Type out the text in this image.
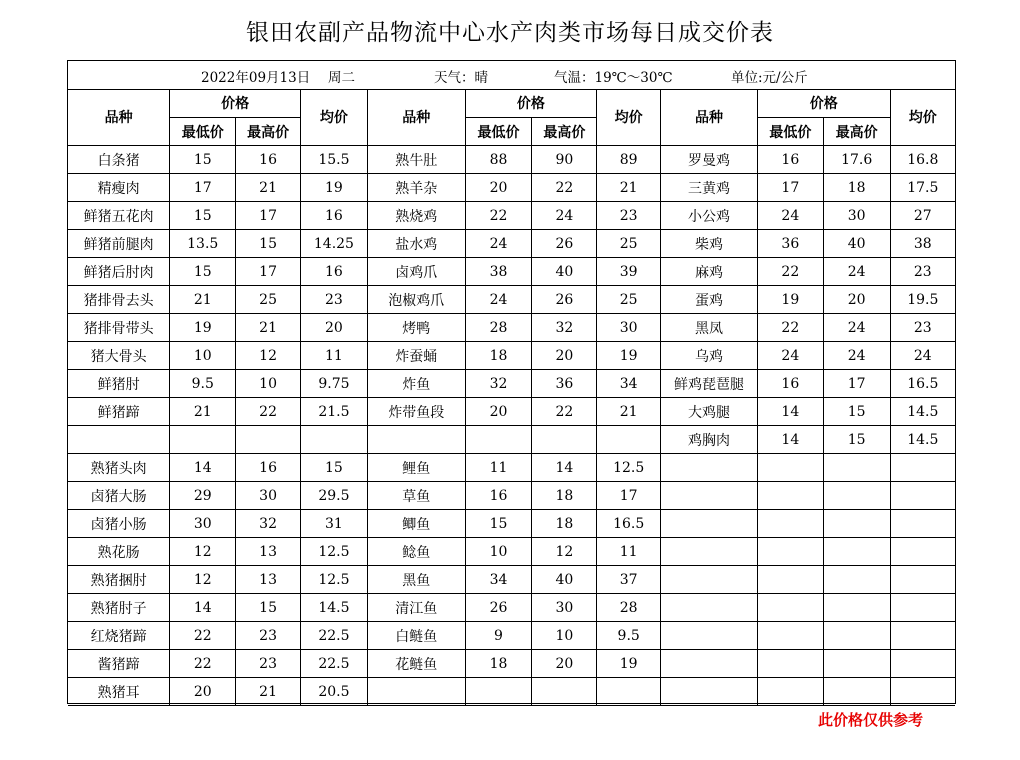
银田农副产品物流中心水产肉类市场每日成交价表
2022年09月13日 周二	天气：晴	气温：19℃～30℃	单位:元/公斤
品种	价格		均价	品种	价格		均价	品种	价格		均价
	最低价	最高价			最低价	最高价			最低价	最高价	
白条猪	15	16	15.5	熟牛肚	88	90	89	罗曼鸡	16	17.6	16.8
精瘦肉	17	21	19	熟羊杂	20	22	21	三黄鸡	17	18	17.5
鲜猪五花肉	15	17	16	熟烧鸡	22	24	23	小公鸡	24	30	27
鲜猪前腿肉	13.5	15	14.25	盐水鸡	24	26	25	柴鸡	36	40	38
鲜猪后肘肉	15	17	16	卤鸡爪	38	40	39	麻鸡	22	24	23
猪排骨去头	21	25	23	泡椒鸡爪	24	26	25	蛋鸡	19	20	19.5
猪排骨带头	19	21	20	烤鸭	28	32	30	黑凤	22	24	23
猪大骨头	10	12	11	炸蚕蛹	18	20	19	乌鸡	24	24	24
鲜猪肘	9.5	10	9.75	炸鱼	32	36	34	鲜鸡琵琶腿	16	17	16.5
鲜猪蹄	21	22	21.5	炸带鱼段	20	22	21	大鸡腿	14	15	14.5
								鸡胸肉	14	15	14.5
熟猪头肉	14	16	15	鲤鱼	11	14	12.5				
卤猪大肠	29	30	29.5	草鱼	16	18	17				
卤猪小肠	30	32	31	鲫鱼	15	18	16.5				
熟花肠	12	13	12.5	鲶鱼	10	12	11				
熟猪捆肘	12	13	12.5	黑鱼	34	40	37				
熟猪肘子	14	15	14.5	清江鱼	26	30	28				
红烧猪蹄	22	23	22.5	白鲢鱼	9	10	9.5				
酱猪蹄	22	23	22.5	花鲢鱼	18	20	19				
熟猪耳	20	21	20.5								
此价格仅供参考
